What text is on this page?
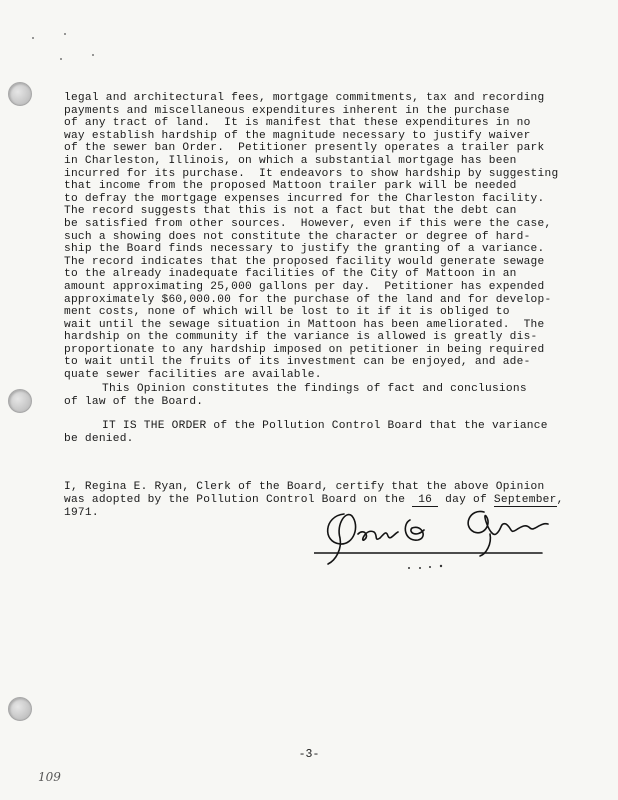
legal and architectural fees, mortgage commitments, tax and recording
payments and miscellaneous expenditures inherent in the purchase
of any tract of land.  It is manifest that these expenditures in no
way establish hardship of the magnitude necessary to justify waiver
of the sewer ban Order.  Petitioner presently operates a trailer park
in Charleston, Illinois, on which a substantial mortgage has been
incurred for its purchase.  It endeavors to show hardship by suggesting
that income from the proposed Mattoon trailer park will be needed
to defray the mortgage expenses incurred for the Charleston facility.
The record suggests that this is not a fact but that the debt can
be satisfied from other sources.  However, even if this were the case,
such a showing does not constitute the character or degree of hard-
ship the Board finds necessary to justify the granting of a variance.
The record indicates that the proposed facility would generate sewage
to the already inadequate facilities of the City of Mattoon in an
amount approximating 25,000 gallons per day.  Petitioner has expended
approximately $60,000.00 for the purchase of the land and for develop-
ment costs, none of which will be lost to it if it is obliged to
wait until the sewage situation in Mattoon has been ameliorated.  The
hardship on the community if the variance is allowed is greatly dis-
proportionate to any hardship imposed on petitioner in being required
to wait until the fruits of its investment can be enjoyed, and ade-
quate sewer facilities are available.
This Opinion constitutes the findings of fact and conclusions
of law of the Board.
IT IS THE ORDER of the Pollution Control Board that the variance
be denied.
I, Regina E. Ryan, Clerk of the Board, certify that the above Opinion
was adopted by the Pollution Control Board on the 16 day of September,
1971.
-3-
109
